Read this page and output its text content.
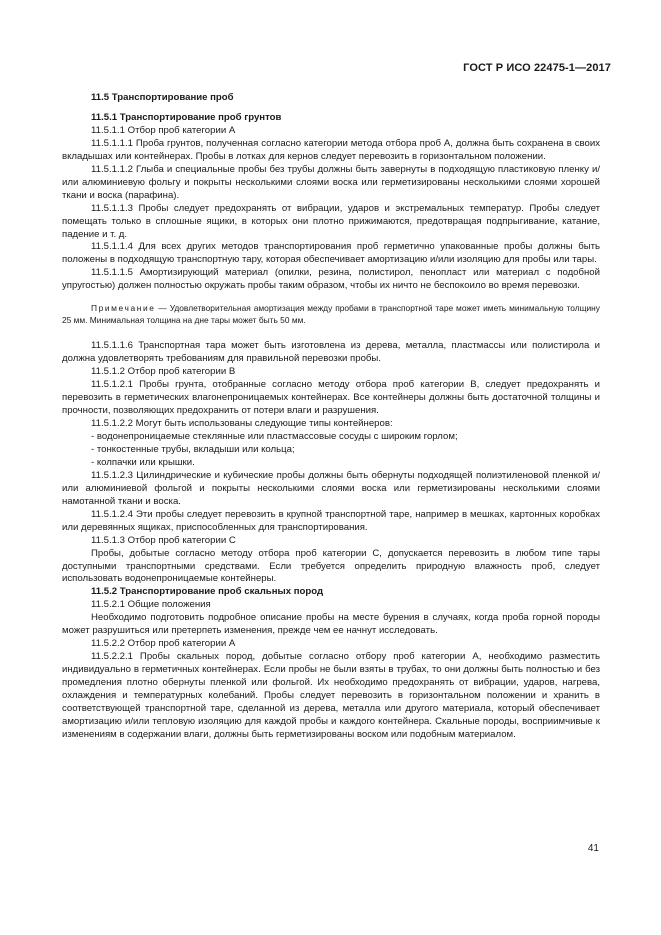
ГОСТ Р ИСО 22475-1—2017

11.5 Транспортирование проб

11.5.1 Транспортирование проб грунтов

11.5.1.1 Отбор проб категории А

11.5.1.1.1 Проба грунтов, полученная согласно категории метода отбора проб А, должна быть сохранена в своих вкладышах или контейнерах. Пробы в лотках для кернов следует перевозить в горизонтальном положении.

11.5.1.1.2 Глыба и специальные пробы без трубы должны быть завернуты в подходящую пластиковую пленку и/или алюминиевую фольгу и покрыты несколькими слоями воска или герметизированы несколькими слоями хорошей ткани и воска (парафина).

11.5.1.1.3 Пробы следует предохранять от вибрации, ударов и экстремальных температур. Пробы следует помещать только в сплошные ящики, в которых они плотно прижимаются, предотвращая подпрыгивание, катание, падение и т. д.

11.5.1.1.4 Для всех других методов транспортирования проб герметично упакованные пробы должны быть положены в подходящую транспортную тару, которая обеспечивает амортизацию и/или изоляцию для пробы или тары.

11.5.1.1.5 Амортизирующий материал (опилки, резина, полистирол, пенопласт или материал с подобной упругостью) должен полностью окружать пробы таким образом, чтобы их ничто не беспокоило во время перевозки.

Примечание — Удовлетворительная амортизация между пробами в транспортной таре может иметь минимальную толщину 25 мм. Минимальная толщина на дне тары может быть 50 мм.

11.5.1.1.6 Транспортная тара может быть изготовлена из дерева, металла, пластмассы или полистирола и должна удовлетворять требованиям для правильной перевозки пробы.

11.5.1.2 Отбор проб категории В

11.5.1.2.1 Пробы грунта, отобранные согласно методу отбора проб категории В, следует предохранять и перевозить в герметических влагонепроницаемых контейнерах. Все контейнеры должны быть достаточной толщины и прочности, позволяющих предохранить от потери влаги и разрушения.

11.5.1.2.2 Могут быть использованы следующие типы контейнеров:

- водонепроницаемые стеклянные или пластмассовые сосуды с широким горлом;

- тонкостенные трубы, вкладыши или кольца;

- колпачки или крышки.

11.5.1.2.3 Цилиндрические и кубические пробы должны быть обернуты подходящей полиэтиленовой пленкой и/или алюминиевой фольгой и покрыты несколькими слоями воска или герметизированы несколькими слоями намотанной ткани и воска.

11.5.1.2.4 Эти пробы следует перевозить в крупной транспортной таре, например в мешках, картонных коробках или деревянных ящиках, приспособленных для транспортирования.

11.5.1.3 Отбор проб категории С

Пробы, добытые согласно методу отбора проб категории С, допускается перевозить в любом типе тары доступными транспортными средствами. Если требуется определить природную влажность проб, следует использовать водонепроницаемые контейнеры.

11.5.2 Транспортирование проб скальных пород

11.5.2.1 Общие положения

Необходимо подготовить подробное описание пробы на месте бурения в случаях, когда проба горной породы может разрушиться или претерпеть изменения, прежде чем ее начнут исследовать.

11.5.2.2 Отбор проб категории А

11.5.2.2.1 Пробы скальных пород, добытые согласно отбору проб категории А, необходимо разместить индивидуально в герметичных контейнерах. Если пробы не были взяты в трубах, то они должны быть полностью и без промедления плотно обернуты пленкой или фольгой. Их необходимо предохранять от вибрации, ударов, нагрева, охлаждения и температурных колебаний. Пробы следует перевозить в горизонтальном положении и хранить в соответствующей транспортной таре, сделанной из дерева, металла или другого материала, который обеспечивает амортизацию и/или тепловую изоляцию для каждой пробы и каждого контейнера. Скальные породы, восприимчивые к изменениям в содержании влаги, должны быть герметизированы воском или подобным материалом.

41
